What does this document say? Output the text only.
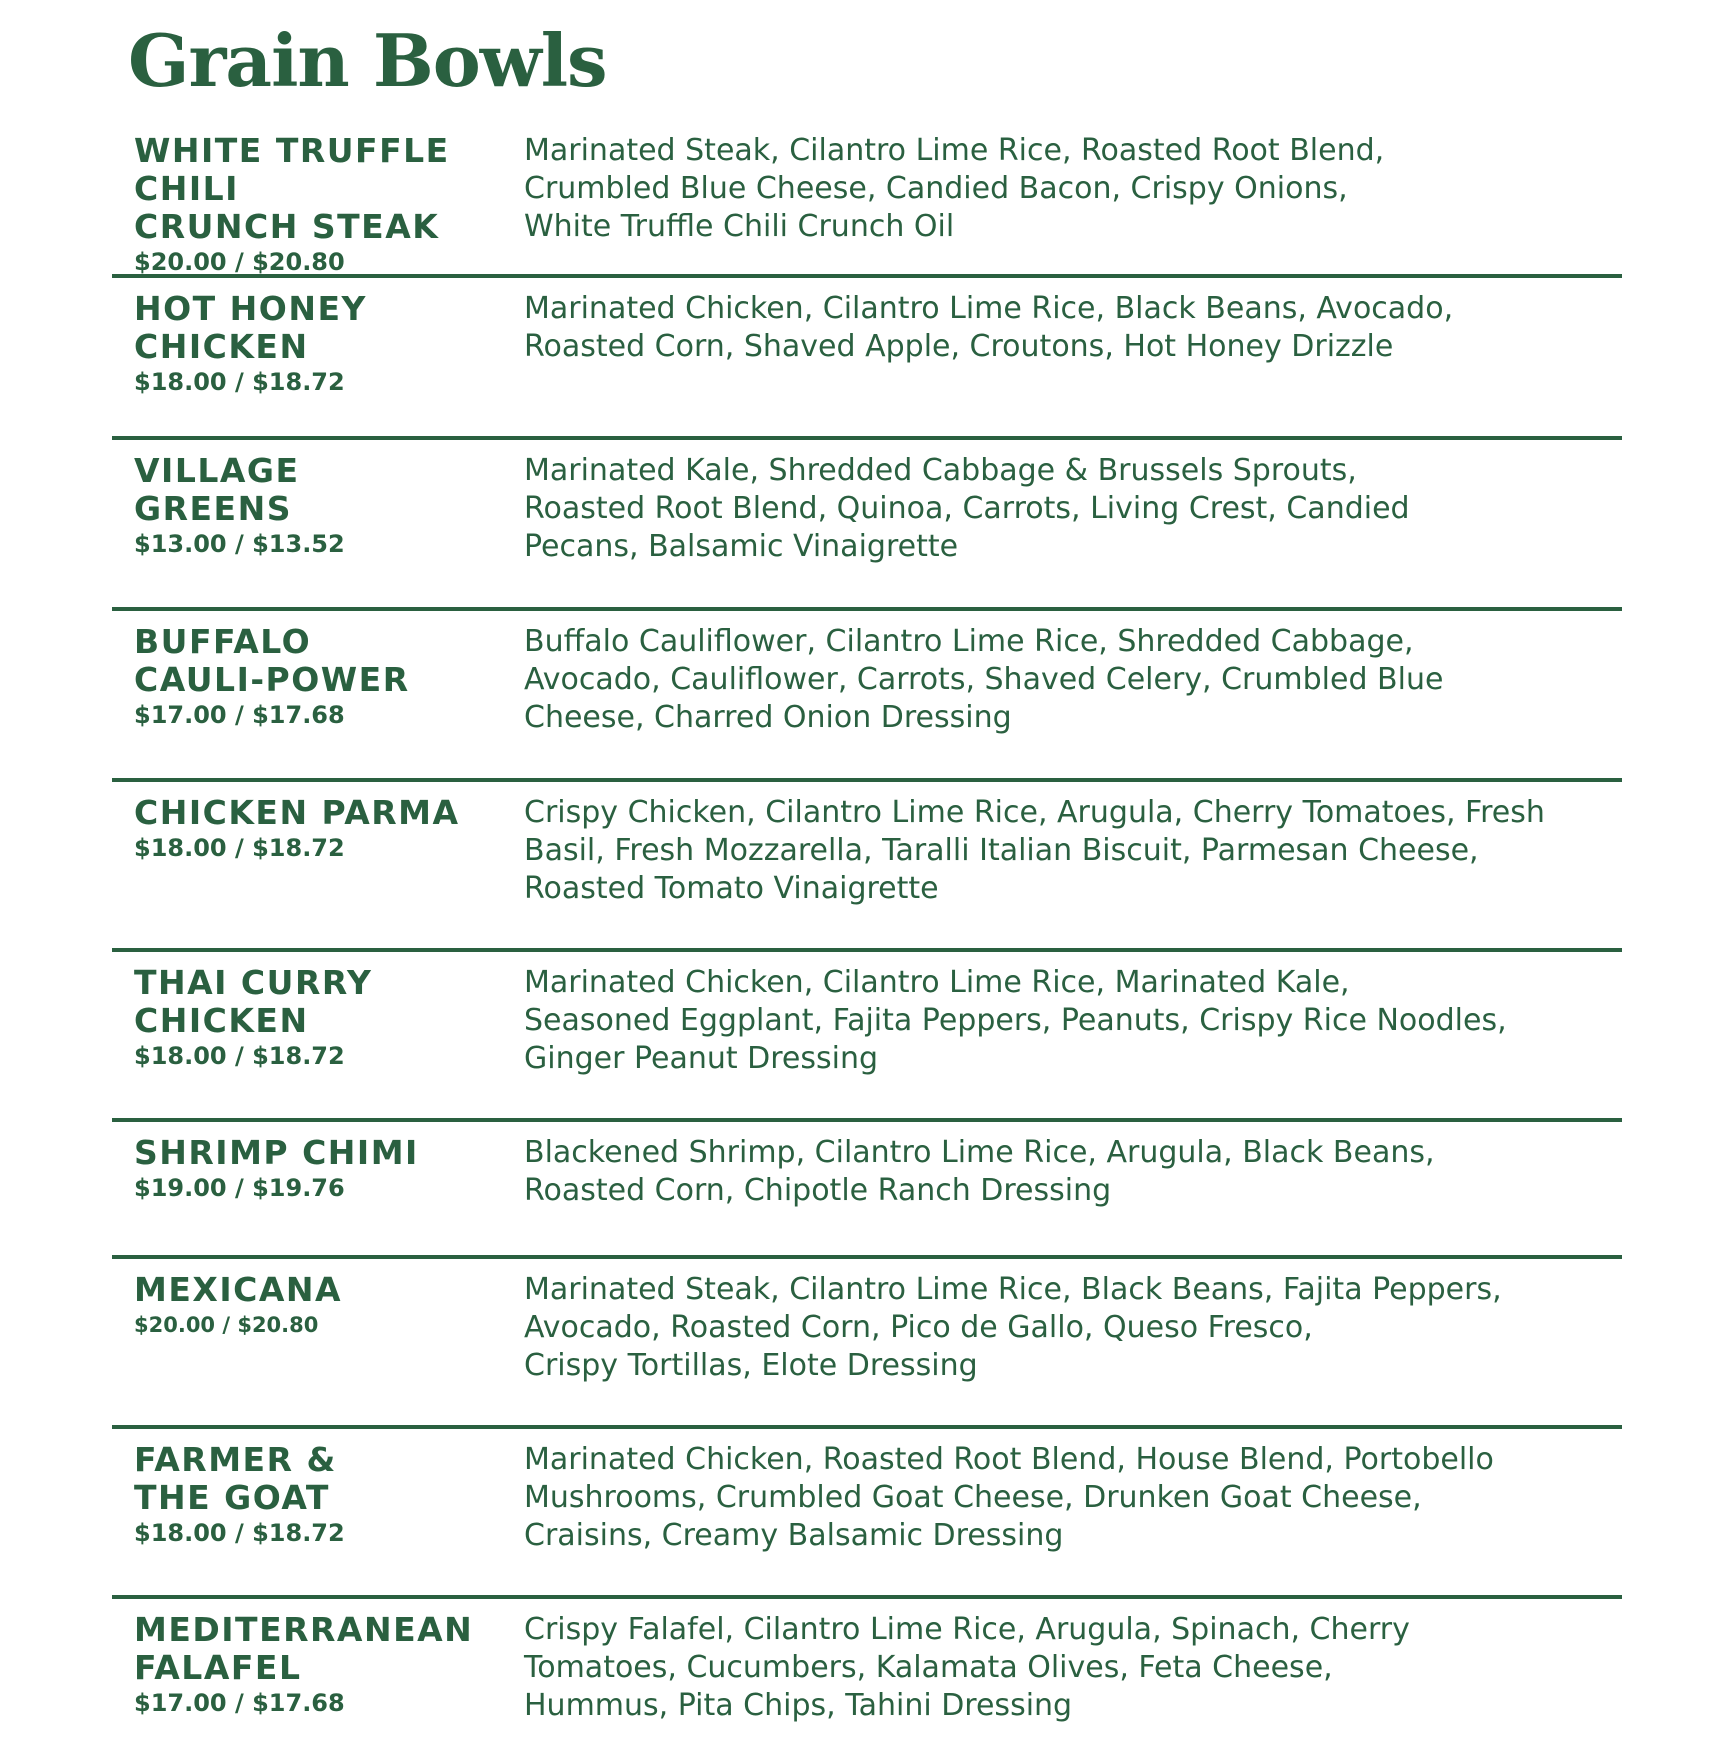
Grain Bowls

WHITE TRUFFLE CHILI
CRUNCH STEAK

$20.00 / $20.80

Marinated Steak, Cilantro Lime Rice, Roasted Root Blend,
Crumbled Blue Cheese, Candied Bacon, Crispy Onions,
White Truffle Chili Crunch Oil

HOT HONEY
CHICKEN

$18.00 / $18.72

Marinated Chicken, Cilantro Lime Rice, Black Beans, Avocado,
Roasted Corn, Shaved Apple, Croutons, Hot Honey Drizzle

VILLAGE
GREENS

$13.00 / $13.52

Marinated Kale, Shredded Cabbage & Brussels Sprouts,
Roasted Root Blend, Quinoa, Carrots, Living Crest, Candied
Pecans, Balsamic Vinaigrette

BUFFALO
CAULI-POWER

$17.00 / $17.68

Buffalo Cauliflower, Cilantro Lime Rice, Shredded Cabbage,
Avocado, Cauliflower, Carrots, Shaved Celery, Crumbled Blue
Cheese, Charred Onion Dressing

CHICKEN PARMA

$18.00 / $18.72

Crispy Chicken, Cilantro Lime Rice, Arugula, Cherry Tomatoes, Fresh
Basil, Fresh Mozzarella, Taralli Italian Biscuit, Parmesan Cheese,
Roasted Tomato Vinaigrette

THAI CURRY
CHICKEN

$18.00 / $18.72

Marinated Chicken, Cilantro Lime Rice, Marinated Kale,
Seasoned Eggplant, Fajita Peppers, Peanuts, Crispy Rice Noodles,
Ginger Peanut Dressing

SHRIMP CHIMI

$19.00 / $19.76

Blackened Shrimp, Cilantro Lime Rice, Arugula, Black Beans,
Roasted Corn, Chipotle Ranch Dressing

MEXICANA

$20.00 / $20.80

Marinated Steak, Cilantro Lime Rice, Black Beans, Fajita Peppers,
Avocado, Roasted Corn, Pico de Gallo, Queso Fresco,
Crispy Tortillas, Elote Dressing

FARMER &
THE GOAT

$18.00 / $18.72

Marinated Chicken, Roasted Root Blend, House Blend, Portobello
Mushrooms, Crumbled Goat Cheese, Drunken Goat Cheese,
Craisins, Creamy Balsamic Dressing

MEDITERRANEAN
FALAFEL

$17.00 / $17.68

Crispy Falafel, Cilantro Lime Rice, Arugula, Spinach, Cherry
Tomatoes, Cucumbers, Kalamata Olives, Feta Cheese,
Hummus, Pita Chips, Tahini Dressing
